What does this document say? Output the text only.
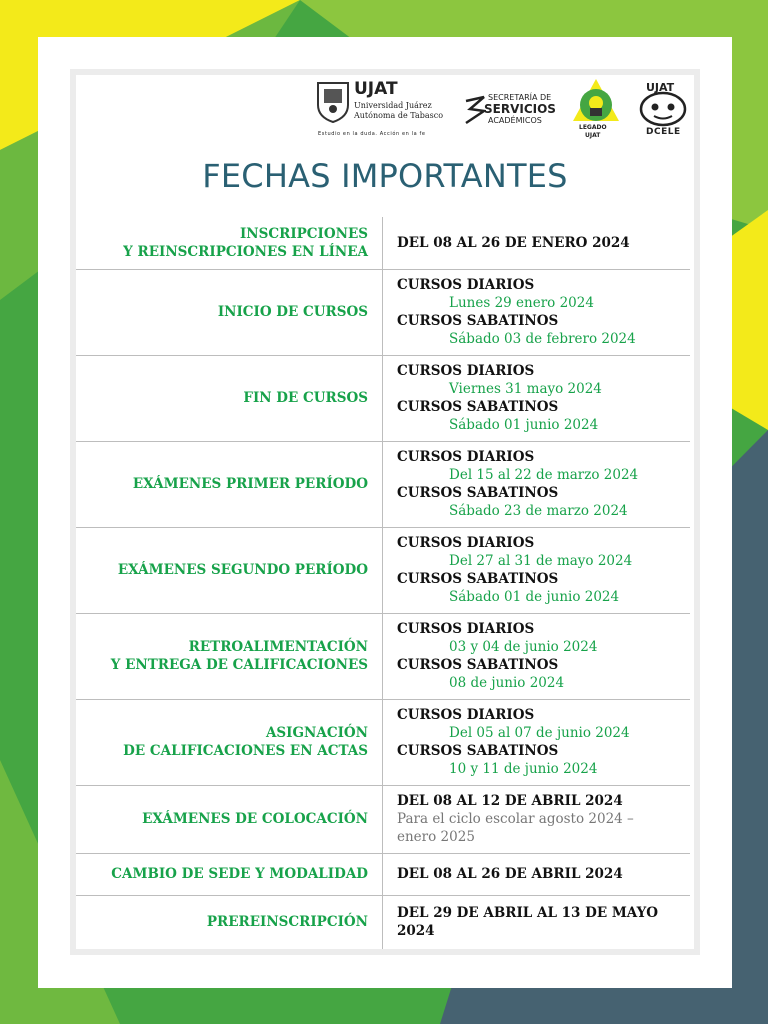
UJAT
Universidad Juárez
Autónoma de Tabasco
Estudio en la duda. Acción en la fe
SECRETARÍA DE
SERVICIOS
ACADÉMICOS
LEGADO
UJAT
UJAT
DCELE
FECHAS IMPORTANTES
INSCRIPCIONES
Y REINSCRIPCIONES EN LÍNEA	DEL 08 AL 26 DE ENERO 2024

INICIO DE CURSOS	CURSOS DIARIOS
Lunes 29 enero 2024
CURSOS SABATINOS
Sábado 03 de febrero 2024

FIN DE CURSOS	CURSOS DIARIOS
Viernes 31 mayo 2024
CURSOS SABATINOS
Sábado 01 junio 2024

EXÁMENES PRIMER PERÍODO	CURSOS DIARIOS
Del 15 al 22 de marzo 2024
CURSOS SABATINOS
Sábado 23 de marzo 2024

EXÁMENES SEGUNDO PERÍODO	CURSOS DIARIOS
Del 27 al 31 de mayo 2024
CURSOS SABATINOS
Sábado 01 de junio 2024

RETROALIMENTACIÓN
Y ENTREGA DE CALIFICACIONES	CURSOS DIARIOS
03 y 04 de junio 2024
CURSOS SABATINOS
08 de junio 2024

ASIGNACIÓN
DE CALIFICACIONES EN ACTAS	CURSOS DIARIOS
Del 05 al 07 de junio 2024
CURSOS SABATINOS
10 y 11 de junio 2024

EXÁMENES DE COLOCACIÓN	DEL 08 AL 12 DE ABRIL 2024
Para el ciclo escolar agosto 2024 –
enero 2025

CAMBIO DE SEDE Y MODALIDAD	DEL 08 AL 26 DE ABRIL 2024

PREREINSCRIPCIÓN	DEL 29 DE ABRIL AL 13 DE MAYO 2024
